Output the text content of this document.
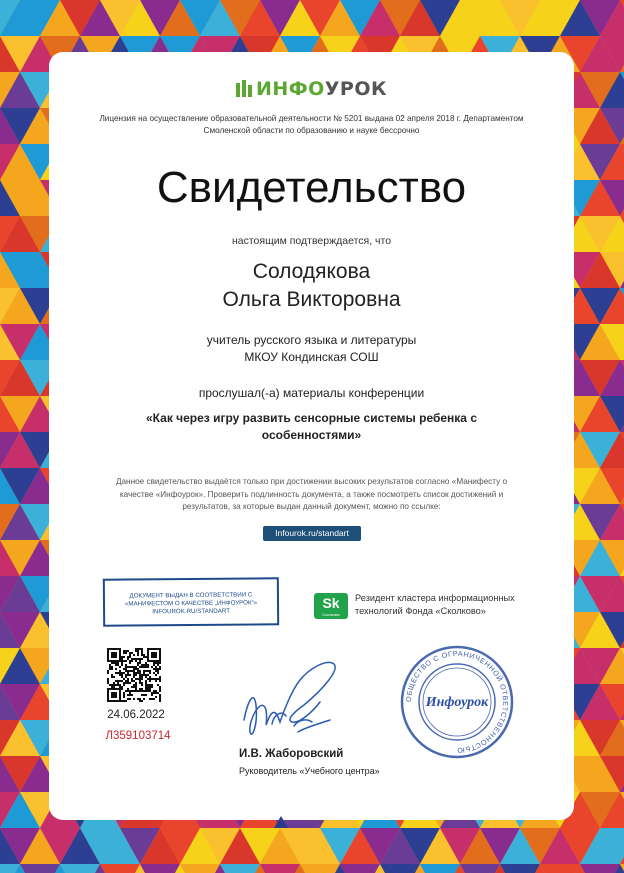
ИНФОУРОК
Лицензия на осуществление образовательной деятельности № 5201 выдана 02 апреля 2018 г. Департаментом Смоленской области по образованию и науке бессрочно
Свидетельство
настоящим подтверждается, что
Солодякова
Ольга Викторовна
учитель русского языка и литературы
МКОУ Кондинская СОШ
прослушал(-а) материалы конференции
«Как через игру развить сенсорные системы ребенка с особенностями»
Данное свидетельство выдаётся только при достижении высоких результатов согласно «Манифесту о качестве «Инфоурок». Проверить подлинность документа, а также посмотреть список достижений и результатов, за которые выдан данный документ, можно по ссылке:
Infourok.ru/standart
ДОКУМЕНТ ВЫДАН В СООТВЕТСТВИИ С
«МАНИФЕСТОМ О КАЧЕСТВЕ „ИНФОУРОК“»
INFOUROK.RU/STANDART
Sk
Сколково
Резидент кластера информационных технологий Фонда «Сколково»
24.06.2022
Л359103714
И.В. Жаборовский
Руководитель «Учебного центра»
ОБЩЕСТВО С ОГРАНИЧЕННОЙ ОТВЕТСТВЕННОСТЬЮ
Инфоурок
